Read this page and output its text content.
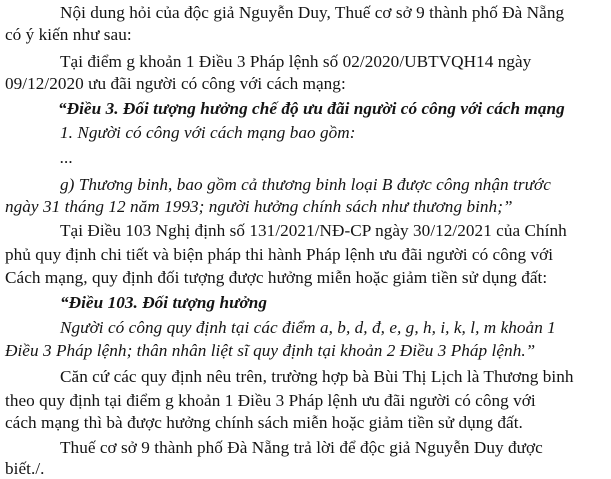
Nội dung hỏi của độc giả Nguyễn Duy, Thuế cơ sở 9 thành phố Đà Nẵng
có ý kiến như sau:
Tại điểm g khoản 1 Điều 3 Pháp lệnh số 02/2020/UBTVQH14 ngày
09/12/2020 ưu đãi người có công với cách mạng:
“Điều 3. Đối tượng hưởng chế độ ưu đãi người có công với cách mạng
1. Người có công với cách mạng bao gồm:
...
g) Thương binh, bao gồm cả thương binh loại B được công nhận trước
ngày 31 tháng 12 năm 1993; người hưởng chính sách như thương binh;”
Tại Điều 103 Nghị định số 131/2021/NĐ-CP ngày 30/12/2021 của Chính
phủ quy định chi tiết và biện pháp thi hành Pháp lệnh ưu đãi người có công với
Cách mạng, quy định đối tượng được hưởng miễn hoặc giảm tiền sử dụng đất:
“Điều 103. Đối tượng hưởng
Người có công quy định tại các điểm a, b, d, đ, e, g, h, i, k, l, m khoản 1
Điều 3 Pháp lệnh; thân nhân liệt sĩ quy định tại khoản 2 Điều 3 Pháp lệnh.”
Căn cứ các quy định nêu trên, trường hợp bà Bùi Thị Lịch là Thương binh
theo quy định tại điểm g khoản 1 Điều 3 Pháp lệnh ưu đãi người có công với
cách mạng thì bà được hưởng chính sách miễn hoặc giảm tiền sử dụng đất.
Thuế cơ sở 9 thành phố Đà Nẵng trả lời để độc giả Nguyễn Duy được
biết./.
